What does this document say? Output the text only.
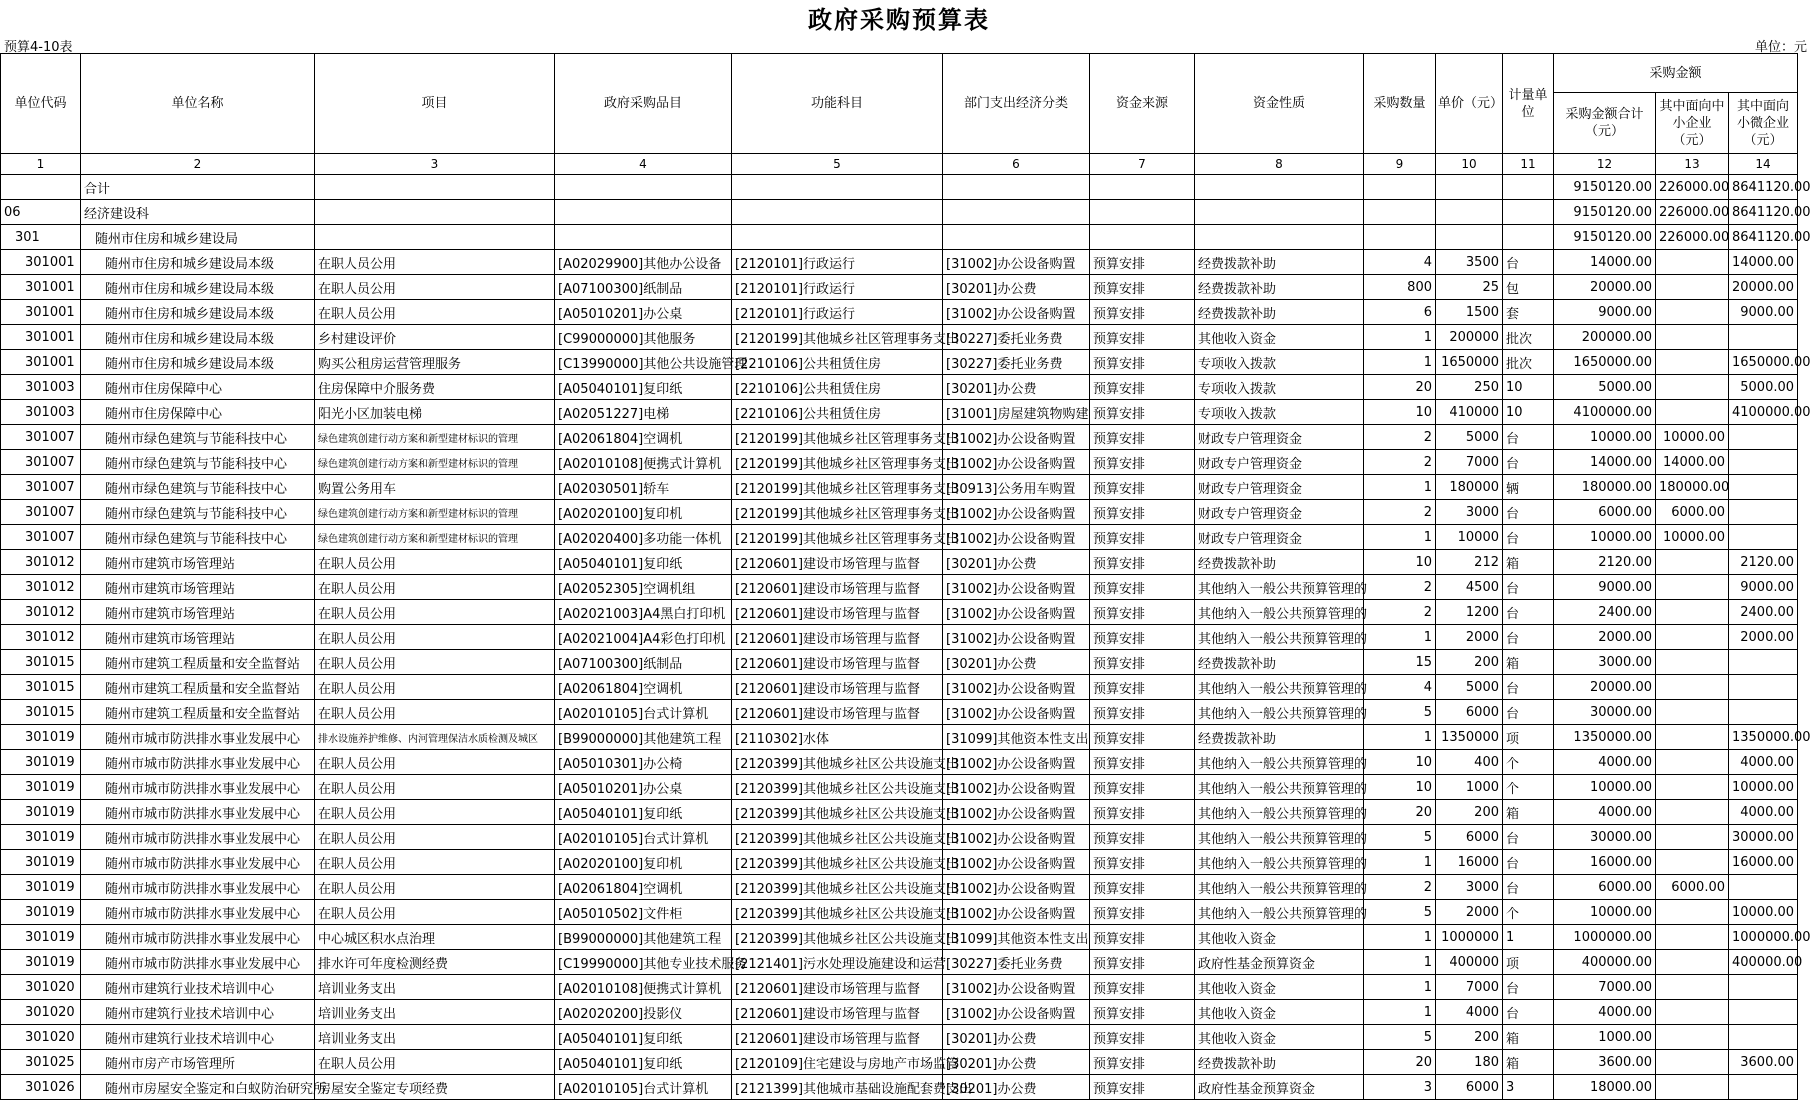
政府采购预算表
预算4-10表	单位：元
单位代码	单位名称	项目	政府采购品目	功能科目	部门支出经济分类	资金来源	资金性质	采购数量	单价（元）	计量单位	采购金额		
											采购金额合计（元）	其中面向中小企业（元）	其中面向小微企业（元）
1	2	3	4	5	6	7	8	9	10	11	12	13	14
	合计										9150120.00	226000.00	8641120.00
06	经济建设科										9150120.00	226000.00	8641120.00
301	随州市住房和城乡建设局										9150120.00	226000.00	8641120.00
301001	随州市住房和城乡建设局本级	在职人员公用	[A02029900]其他办公设备	[2120101]行政运行	[31002]办公设备购置	预算安排	经费拨款补助	4	3500	台	14000.00		14000.00
301001	随州市住房和城乡建设局本级	在职人员公用	[A07100300]纸制品	[2120101]行政运行	[30201]办公费	预算安排	经费拨款补助	800	25	包	20000.00		20000.00
301001	随州市住房和城乡建设局本级	在职人员公用	[A05010201]办公桌	[2120101]行政运行	[31002]办公设备购置	预算安排	经费拨款补助	6	1500	套	9000.00		9000.00
301001	随州市住房和城乡建设局本级	乡村建设评价	[C99000000]其他服务	[2120199]其他城乡社区管理事务支出	[30227]委托业务费	预算安排	其他收入资金	1	200000	批次	200000.00		
301001	随州市住房和城乡建设局本级	购买公租房运营管理服务	[C13990000]其他公共设施管理	[2210106]公共租赁住房	[30227]委托业务费	预算安排	专项收入拨款	1	1650000	批次	1650000.00		1650000.00
301003	随州市住房保障中心	住房保障中介服务费	[A05040101]复印纸	[2210106]公共租赁住房	[30201]办公费	预算安排	专项收入拨款	20	250	10	5000.00		5000.00
301003	随州市住房保障中心	阳光小区加装电梯	[A02051227]电梯	[2210106]公共租赁住房	[31001]房屋建筑物购建	预算安排	专项收入拨款	10	410000	10	4100000.00		4100000.00
301007	随州市绿色建筑与节能科技中心	绿色建筑创建行动方案和新型建材标识的管理	[A02061804]空调机	[2120199]其他城乡社区管理事务支出	[31002]办公设备购置	预算安排	财政专户管理资金	2	5000	台	10000.00	10000.00	
301007	随州市绿色建筑与节能科技中心	绿色建筑创建行动方案和新型建材标识的管理	[A02010108]便携式计算机	[2120199]其他城乡社区管理事务支出	[31002]办公设备购置	预算安排	财政专户管理资金	2	7000	台	14000.00	14000.00	
301007	随州市绿色建筑与节能科技中心	购置公务用车	[A02030501]轿车	[2120199]其他城乡社区管理事务支出	[30913]公务用车购置	预算安排	财政专户管理资金	1	180000	辆	180000.00	180000.00	
301007	随州市绿色建筑与节能科技中心	绿色建筑创建行动方案和新型建材标识的管理	[A02020100]复印机	[2120199]其他城乡社区管理事务支出	[31002]办公设备购置	预算安排	财政专户管理资金	2	3000	台	6000.00	6000.00	
301007	随州市绿色建筑与节能科技中心	绿色建筑创建行动方案和新型建材标识的管理	[A02020400]多功能一体机	[2120199]其他城乡社区管理事务支出	[31002]办公设备购置	预算安排	财政专户管理资金	1	10000	台	10000.00	10000.00	
301012	随州市建筑市场管理站	在职人员公用	[A05040101]复印纸	[2120601]建设市场管理与监督	[30201]办公费	预算安排	经费拨款补助	10	212	箱	2120.00		2120.00
301012	随州市建筑市场管理站	在职人员公用	[A02052305]空调机组	[2120601]建设市场管理与监督	[31002]办公设备购置	预算安排	其他纳入一般公共预算管理的	2	4500	台	9000.00		9000.00
301012	随州市建筑市场管理站	在职人员公用	[A02021003]A4黑白打印机	[2120601]建设市场管理与监督	[31002]办公设备购置	预算安排	其他纳入一般公共预算管理的	2	1200	台	2400.00		2400.00
301012	随州市建筑市场管理站	在职人员公用	[A02021004]A4彩色打印机	[2120601]建设市场管理与监督	[31002]办公设备购置	预算安排	其他纳入一般公共预算管理的	1	2000	台	2000.00		2000.00
301015	随州市建筑工程质量和安全监督站	在职人员公用	[A07100300]纸制品	[2120601]建设市场管理与监督	[30201]办公费	预算安排	经费拨款补助	15	200	箱	3000.00		
301015	随州市建筑工程质量和安全监督站	在职人员公用	[A02061804]空调机	[2120601]建设市场管理与监督	[31002]办公设备购置	预算安排	其他纳入一般公共预算管理的	4	5000	台	20000.00		
301015	随州市建筑工程质量和安全监督站	在职人员公用	[A02010105]台式计算机	[2120601]建设市场管理与监督	[31002]办公设备购置	预算安排	其他纳入一般公共预算管理的	5	6000	台	30000.00		
301019	随州市城市防洪排水事业发展中心	排水设施养护维修、内河管理保洁水质检测及城区	[B99000000]其他建筑工程	[2110302]水体	[31099]其他资本性支出	预算安排	经费拨款补助	1	1350000	项	1350000.00		1350000.00
301019	随州市城市防洪排水事业发展中心	在职人员公用	[A05010301]办公椅	[2120399]其他城乡社区公共设施支出	[31002]办公设备购置	预算安排	其他纳入一般公共预算管理的	10	400	个	4000.00		4000.00
301019	随州市城市防洪排水事业发展中心	在职人员公用	[A05010201]办公桌	[2120399]其他城乡社区公共设施支出	[31002]办公设备购置	预算安排	其他纳入一般公共预算管理的	10	1000	个	10000.00		10000.00
301019	随州市城市防洪排水事业发展中心	在职人员公用	[A05040101]复印纸	[2120399]其他城乡社区公共设施支出	[31002]办公设备购置	预算安排	其他纳入一般公共预算管理的	20	200	箱	4000.00		4000.00
301019	随州市城市防洪排水事业发展中心	在职人员公用	[A02010105]台式计算机	[2120399]其他城乡社区公共设施支出	[31002]办公设备购置	预算安排	其他纳入一般公共预算管理的	5	6000	台	30000.00		30000.00
301019	随州市城市防洪排水事业发展中心	在职人员公用	[A02020100]复印机	[2120399]其他城乡社区公共设施支出	[31002]办公设备购置	预算安排	其他纳入一般公共预算管理的	1	16000	台	16000.00		16000.00
301019	随州市城市防洪排水事业发展中心	在职人员公用	[A02061804]空调机	[2120399]其他城乡社区公共设施支出	[31002]办公设备购置	预算安排	其他纳入一般公共预算管理的	2	3000	台	6000.00	6000.00	
301019	随州市城市防洪排水事业发展中心	在职人员公用	[A05010502]文件柜	[2120399]其他城乡社区公共设施支出	[31002]办公设备购置	预算安排	其他纳入一般公共预算管理的	5	2000	个	10000.00		10000.00
301019	随州市城市防洪排水事业发展中心	中心城区积水点治理	[B99000000]其他建筑工程	[2120399]其他城乡社区公共设施支出	[31099]其他资本性支出	预算安排	其他收入资金	1	1000000	1	1000000.00		1000000.00
301019	随州市城市防洪排水事业发展中心	排水许可年度检测经费	[C19990000]其他专业技术服务	[2121401]污水处理设施建设和运营	[30227]委托业务费	预算安排	政府性基金预算资金	1	400000	项	400000.00		400000.00
301020	随州市建筑行业技术培训中心	培训业务支出	[A02010108]便携式计算机	[2120601]建设市场管理与监督	[31002]办公设备购置	预算安排	其他收入资金	1	7000	台	7000.00		
301020	随州市建筑行业技术培训中心	培训业务支出	[A02020200]投影仪	[2120601]建设市场管理与监督	[31002]办公设备购置	预算安排	其他收入资金	1	4000	台	4000.00		
301020	随州市建筑行业技术培训中心	培训业务支出	[A05040101]复印纸	[2120601]建设市场管理与监督	[30201]办公费	预算安排	其他收入资金	5	200	箱	1000.00		
301025	随州市房产市场管理所	在职人员公用	[A05040101]复印纸	[2120109]住宅建设与房地产市场监管	[30201]办公费	预算安排	经费拨款补助	20	180	箱	3600.00		3600.00
301026	随州市房屋安全鉴定和白蚁防治研究所	房屋安全鉴定专项经费	[A02010105]台式计算机	[2121399]其他城市基础设施配套费支出	[30201]办公费	预算安排	政府性基金预算资金	3	6000	3	18000.00		
